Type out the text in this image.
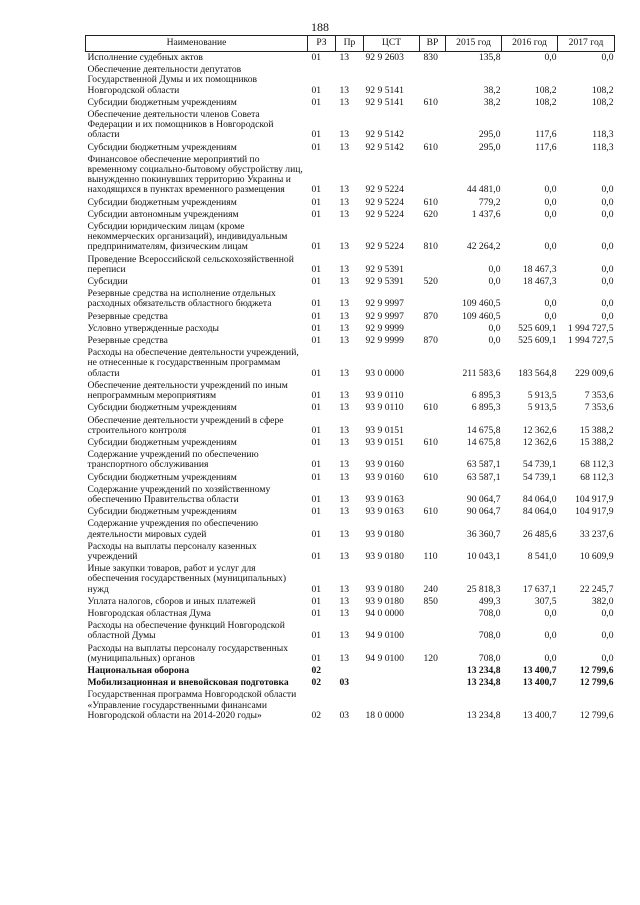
188
Наименование	РЗ	Пр	ЦСТ	ВР	2015 год	2016 год	2017 год
Исполнение судебных актов	01	13	92 9 2603	830	135,8	0,0	0,0
Обеспечение деятельности депутатов Государственной Думы и их помощников Новгородской области	01	13	92 9 5141		38,2	108,2	108,2
Субсидии бюджетным учреждениям	01	13	92 9 5141	610	38,2	108,2	108,2
Обеспечение деятельности членов Совета Федерации и их помощников в Новгородской области	01	13	92 9 5142		295,0	117,6	118,3
Субсидии бюджетным учреждениям	01	13	92 9 5142	610	295,0	117,6	118,3
Финансовое обеспечение мероприятий по временному социально-бытовому обустройству лиц, вынужденно покинувших территорию Украины и находящихся в пунктах временного размещения	01	13	92 9 5224		44 481,0	0,0	0,0
Субсидии бюджетным учреждениям	01	13	92 9 5224	610	779,2	0,0	0,0
Субсидии автономным учреждениям	01	13	92 9 5224	620	1 437,6	0,0	0,0
Субсидии юридическим лицам (кроме некоммерческих организаций), индивидуальным предпринимателям, физическим лицам	01	13	92 9 5224	810	42 264,2	0,0	0,0
Проведение Всероссийской сельскохозяйственной переписи	01	13	92 9 5391		0,0	18 467,3	0,0
Субсидии	01	13	92 9 5391	520	0,0	18 467,3	0,0
Резервные средства на исполнение отдельных расходных обязательств областного бюджета	01	13	92 9 9997		109 460,5	0,0	0,0
Резервные средства	01	13	92 9 9997	870	109 460,5	0,0	0,0
Условно утвержденные расходы	01	13	92 9 9999		0,0	525 609,1	1 994 727,5
Резервные средства	01	13	92 9 9999	870	0,0	525 609,1	1 994 727,5
Расходы на обеспечение деятельности учреждений, не отнесенные к государственным программам области	01	13	93 0 0000		211 583,6	183 564,8	229 009,6
Обеспечение деятельности учреждений по иным непрограммным мероприятиям	01	13	93 9 0110		6 895,3	5 913,5	7 353,6
Субсидии бюджетным учреждениям	01	13	93 9 0110	610	6 895,3	5 913,5	7 353,6
Обеспечение деятельности учреждений в сфере строительного контроля	01	13	93 9 0151		14 675,8	12 362,6	15 388,2
Субсидии бюджетным учреждениям	01	13	93 9 0151	610	14 675,8	12 362,6	15 388,2
Содержание учреждений по обеспечению транспортного обслуживания	01	13	93 9 0160		63 587,1	54 739,1	68 112,3
Субсидии бюджетным учреждениям	01	13	93 9 0160	610	63 587,1	54 739,1	68 112,3
Содержание учреждений по хозяйственному обеспечению Правительства области	01	13	93 9 0163		90 064,7	84 064,0	104 917,9
Субсидии бюджетным учреждениям	01	13	93 9 0163	610	90 064,7	84 064,0	104 917,9
Содержание учреждения по обеспечению деятельности мировых судей	01	13	93 9 0180		36 360,7	26 485,6	33 237,6
Расходы на выплаты персоналу казенных учреждений	01	13	93 9 0180	110	10 043,1	8 541,0	10 609,9
Иные закупки товаров, работ и услуг для обеспечения государственных (муниципальных) нужд	01	13	93 9 0180	240	25 818,3	17 637,1	22 245,7
Уплата налогов, сборов и иных платежей	01	13	93 9 0180	850	499,3	307,5	382,0
Новгородская областная Дума	01	13	94 0 0000		708,0	0,0	0,0
Расходы на обеспечение функций Новгородской областной Думы	01	13	94 9 0100		708,0	0,0	0,0
Расходы на выплаты персоналу государственных (муниципальных) органов	01	13	94 9 0100	120	708,0	0,0	0,0
Национальная оборона	02				13 234,8	13 400,7	12 799,6
Мобилизационная и вневойсковая подготовка	02	03			13 234,8	13 400,7	12 799,6
Государственная программа Новгородской области «Управление государственными финансами Новгородской области на 2014-2020 годы»	02	03	18 0 0000		13 234,8	13 400,7	12 799,6
